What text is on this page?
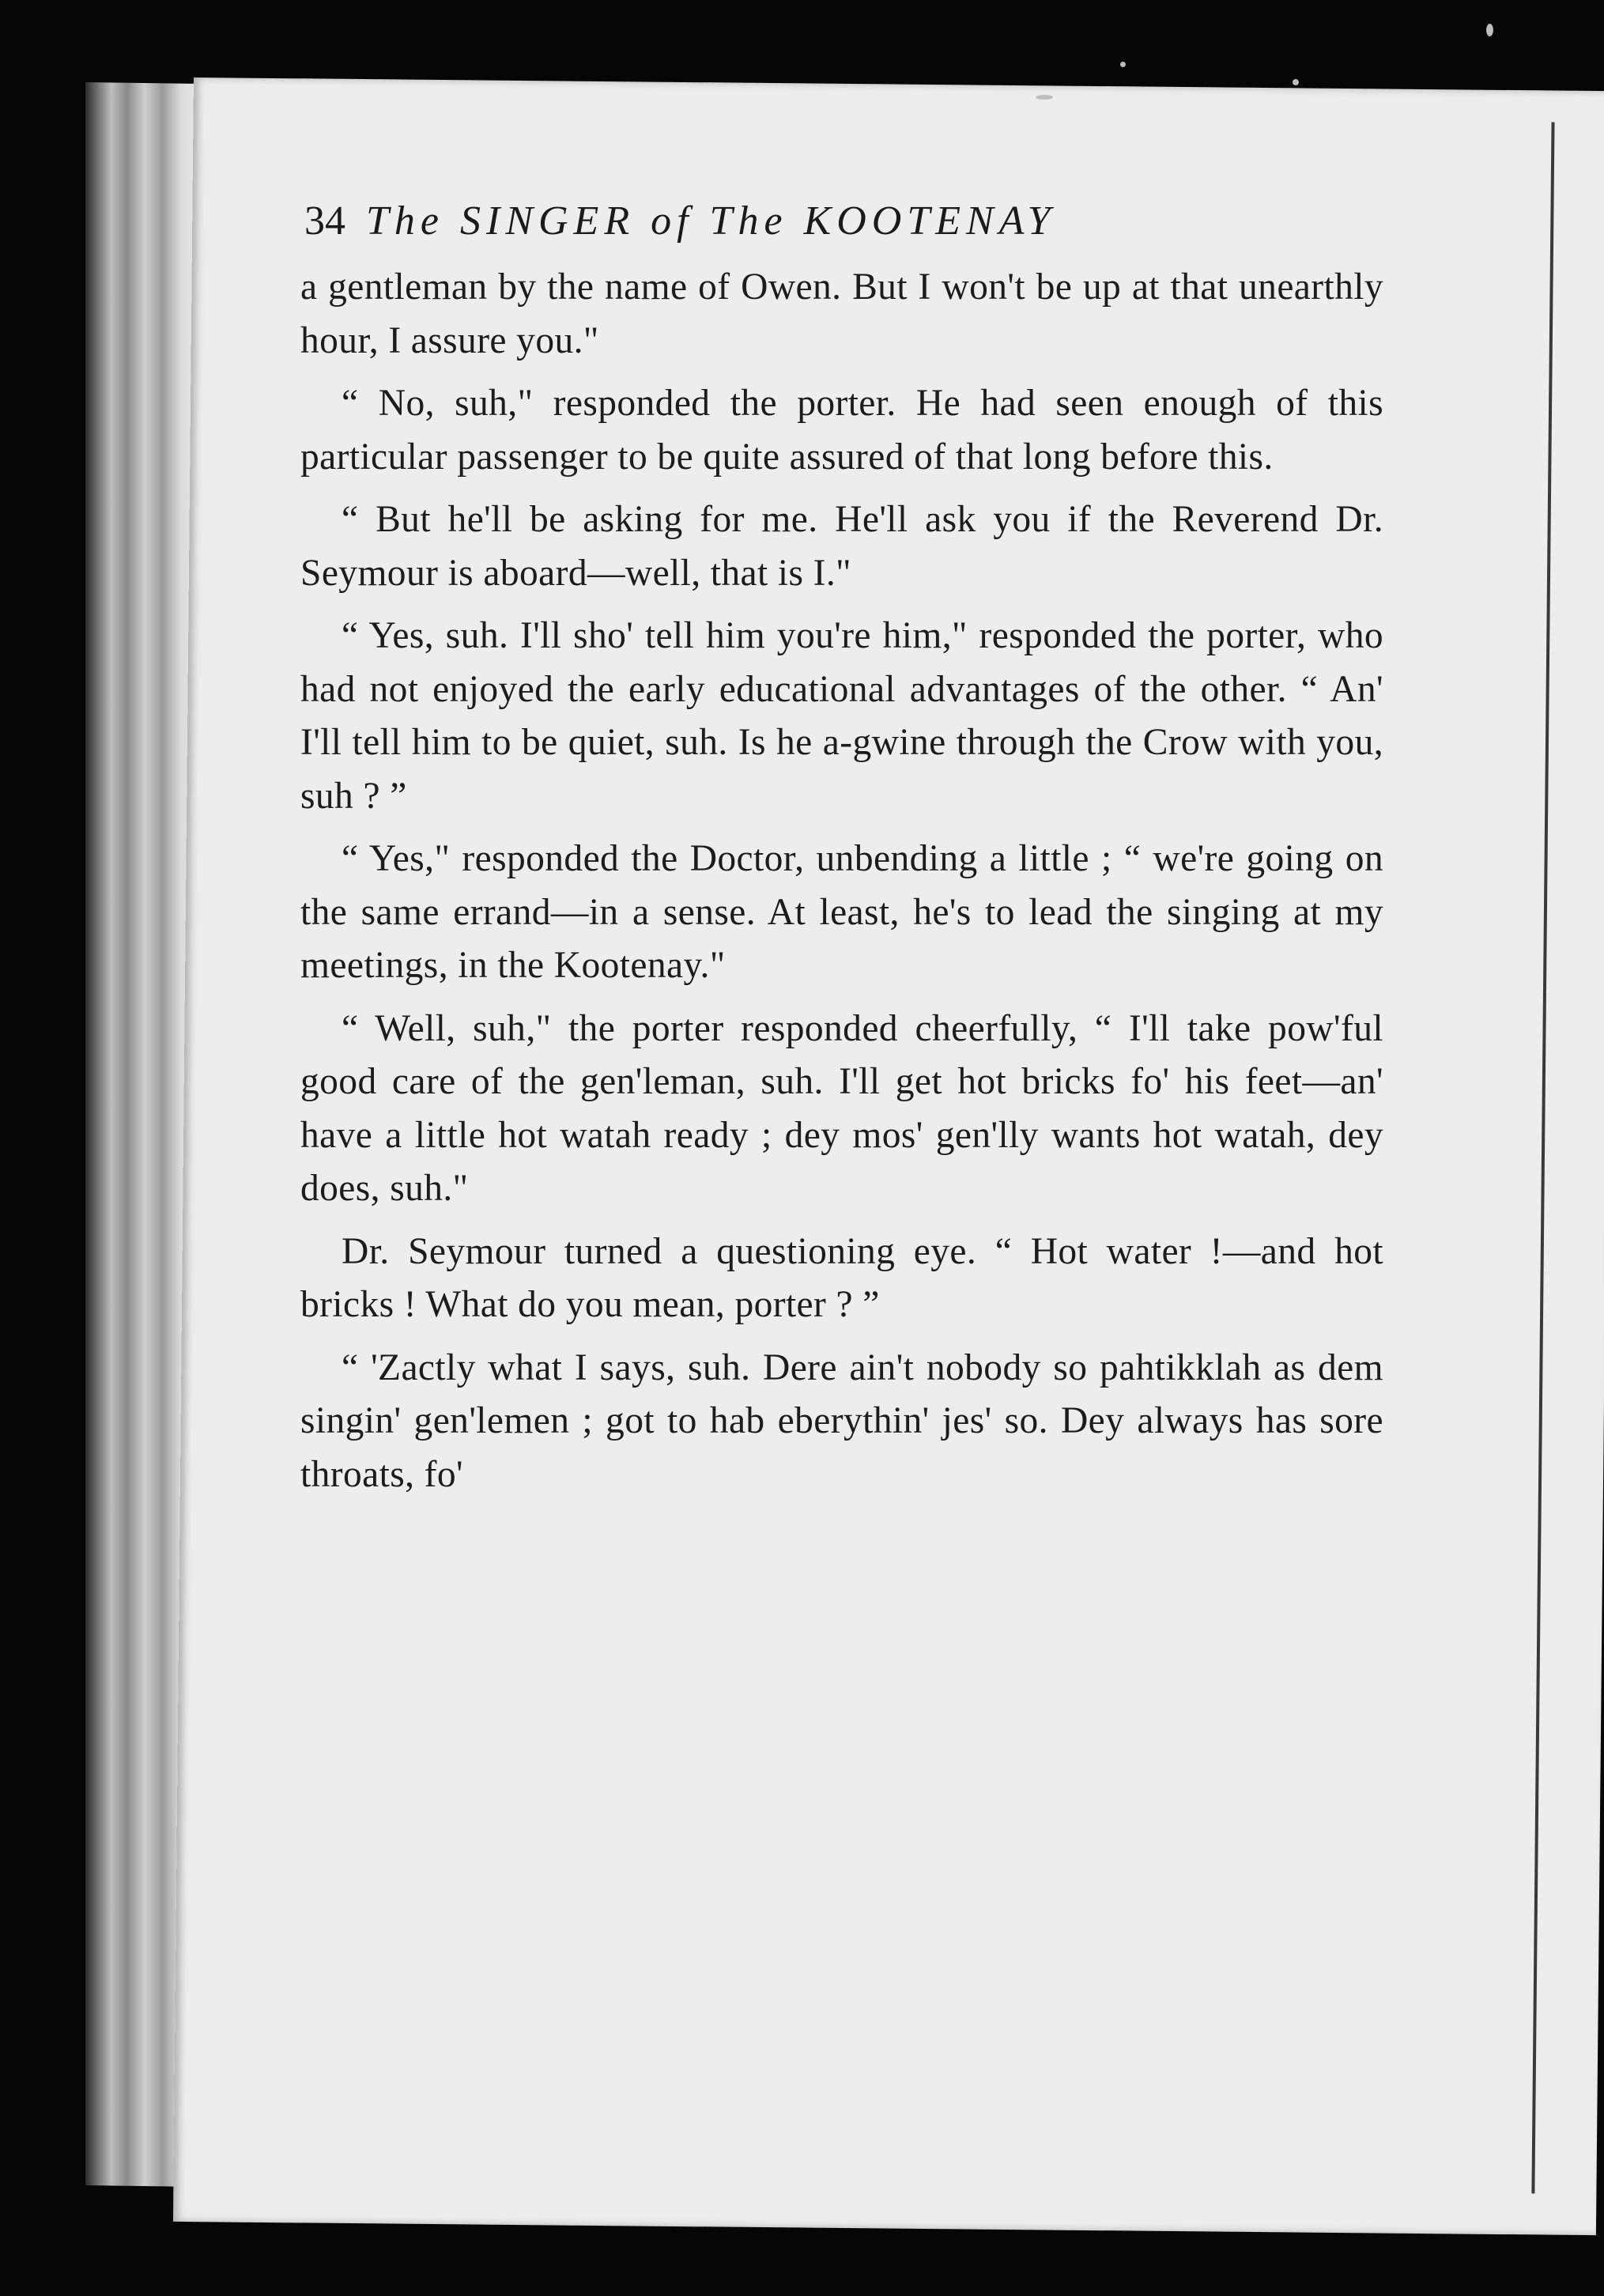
34 The SINGER of The KOOTENAY

a gentleman by the name of Owen. But I won't be up at that unearthly hour, I assure you."

“ No, suh," responded the porter. He had seen enough of this particular passenger to be quite assured of that long before this.

“ But he'll be asking for me. He'll ask you if the Reverend Dr. Seymour is aboard—well, that is I."

“ Yes, suh. I'll sho' tell him you're him," responded the porter, who had not enjoyed the early educational advantages of the other. “ An' I'll tell him to be quiet, suh. Is he a-gwine through the Crow with you, suh ? ”

“ Yes," responded the Doctor, unbending a little ; “ we're going on the same errand—in a sense. At least, he's to lead the singing at my meetings, in the Kootenay."

“ Well, suh," the porter responded cheerfully, “ I'll take pow'ful good care of the gen'leman, suh. I'll get hot bricks fo' his feet—an' have a little hot watah ready ; dey mos' gen'lly wants hot watah, dey does, suh."

Dr. Seymour turned a questioning eye. “ Hot water !—and hot bricks ! What do you mean, porter ? ”

“ 'Zactly what I says, suh. Dere ain't nobody so pahtikklah as dem singin' gen'lemen ; got to hab eberythin' jes' so. Dey always has sore throats, fo'
